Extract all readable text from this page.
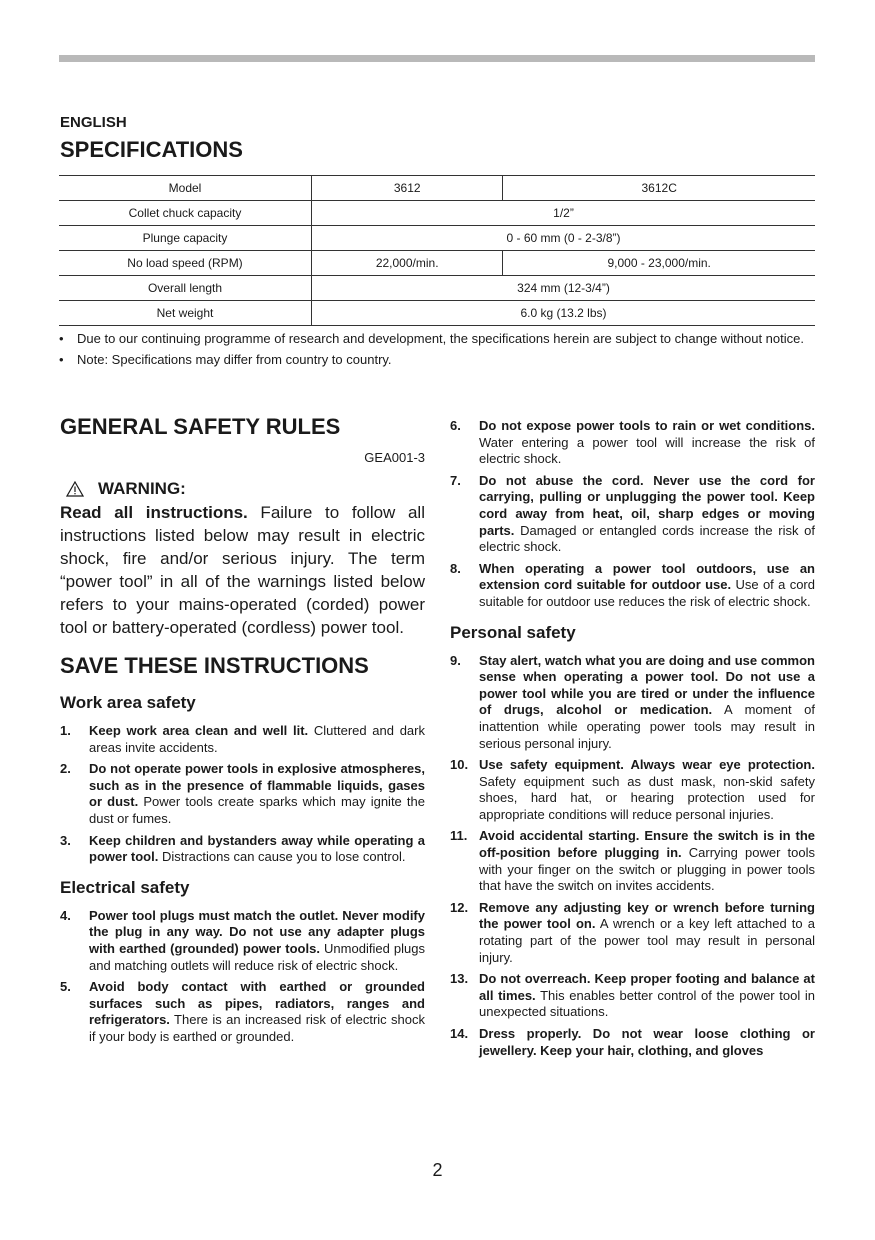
ENGLISH
SPECIFICATIONS
Model	3612	3612C
Collet chuck capacity	1/2”	
Plunge capacity	0 - 60 mm (0 - 2-3/8”)	
No load speed (RPM)	22,000/min.	9,000 - 23,000/min.
Overall length	324 mm (12-3/4”)	
Net weight	6.0 kg (13.2 lbs)	
• Due to our continuing programme of research and development, the specifications herein are subject to change without notice.
• Note: Specifications may differ from country to country.
GENERAL SAFETY RULES
GEA001-3
WARNING:
Read all instructions. Failure to follow all instructions listed below may result in electric shock, fire and/or serious injury. The term “power tool” in all of the warnings listed below refers to your mains-operated (corded) power tool or battery-operated (cordless) power tool.
SAVE THESE INSTRUCTIONS
Work area safety
1.	Keep work area clean and well lit. Cluttered and dark areas invite accidents.
2.	Do not operate power tools in explosive atmospheres, such as in the presence of flammable liquids, gases or dust. Power tools create sparks which may ignite the dust or fumes.
3.	Keep children and bystanders away while operating a power tool. Distractions can cause you to lose control.
Electrical safety
4.	Power tool plugs must match the outlet. Never modify the plug in any way. Do not use any adapter plugs with earthed (grounded) power tools. Unmodified plugs and matching outlets will reduce risk of electric shock.
5.	Avoid body contact with earthed or grounded surfaces such as pipes, radiators, ranges and refrigerators. There is an increased risk of electric shock if your body is earthed or grounded.
6.	Do not expose power tools to rain or wet conditions. Water entering a power tool will increase the risk of electric shock.
7.	Do not abuse the cord. Never use the cord for carrying, pulling or unplugging the power tool. Keep cord away from heat, oil, sharp edges or moving parts. Damaged or entangled cords increase the risk of electric shock.
8.	When operating a power tool outdoors, use an extension cord suitable for outdoor use. Use of a cord suitable for outdoor use reduces the risk of electric shock.
Personal safety
9.	Stay alert, watch what you are doing and use common sense when operating a power tool. Do not use a power tool while you are tired or under the influence of drugs, alcohol or medication. A moment of inattention while operating power tools may result in serious personal injury.
10. Use safety equipment. Always wear eye protection. Safety equipment such as dust mask, non-skid safety shoes, hard hat, or hearing protection used for appropriate conditions will reduce personal injuries.
11. Avoid accidental starting. Ensure the switch is in the off-position before plugging in. Carrying power tools with your finger on the switch or plugging in power tools that have the switch on invites accidents.
12. Remove any adjusting key or wrench before turning the power tool on. A wrench or a key left attached to a rotating part of the power tool may result in personal injury.
13. Do not overreach. Keep proper footing and balance at all times. This enables better control of the power tool in unexpected situations.
14. Dress properly. Do not wear loose clothing or jewellery. Keep your hair, clothing, and gloves
2
